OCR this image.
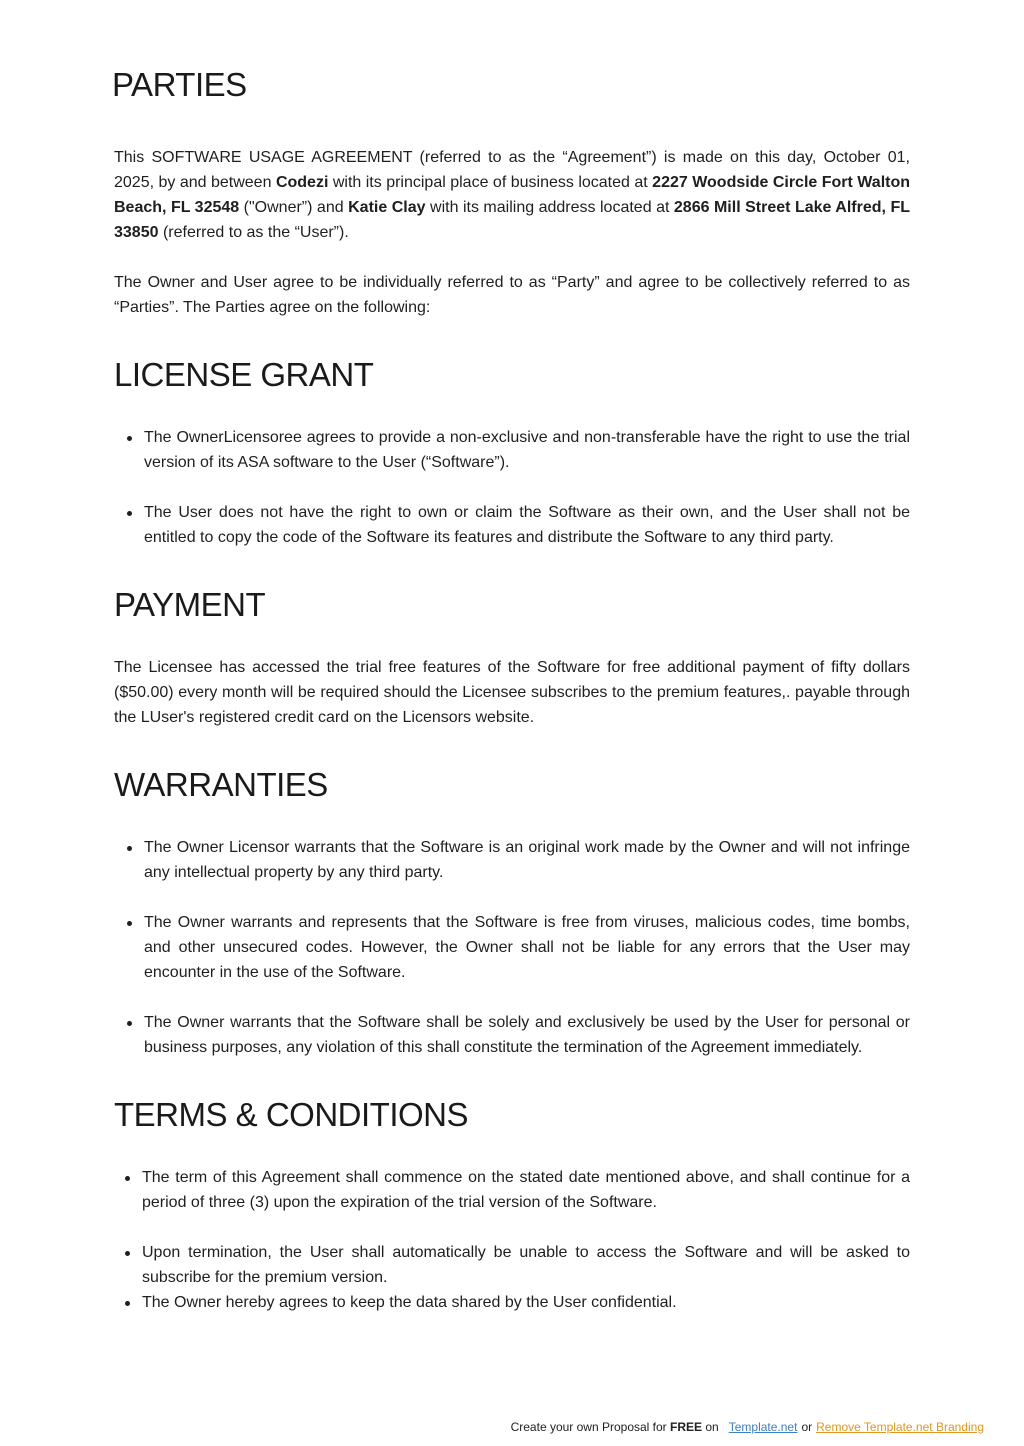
PARTIES

This SOFTWARE USAGE AGREEMENT (referred to as the “Agreement”) is made on this day, October 01, 2025, by and between Codezi with its principal place of business located at 2227 Woodside Circle Fort Walton Beach, FL 32548 ("Owner”) and Katie Clay with its mailing address located at 2866 Mill Street Lake Alfred, FL 33850 (referred to as the “User”).

The Owner and User agree to be individually referred to as “Party” and agree to be collectively referred to as “Parties”. The Parties agree on the following:

LICENSE GRANT
The OwnerLicensoree agrees to provide a non-exclusive and non-transferable have the right to use the trial version of its ASA software to the User (“Software”).
The User does not have the right to own or claim the Software as their own, and the User shall not be entitled to copy the code of the Software its features and distribute the Software to any third party.
PAYMENT

The Licensee has accessed the trial free features of the Software for free additional payment of fifty dollars ($50.00) every month will be required should the Licensee subscribes to the premium features,. payable through the LUser's registered credit card on the Licensors website.

WARRANTIES
The Owner Licensor warrants that the Software is an original work made by the Owner and will not infringe any intellectual property by any third party.
The Owner warrants and represents that the Software is free from viruses, malicious codes, time bombs, and other unsecured codes. However, the Owner shall not be liable for any errors that the User may encounter in the use of the Software.
The Owner warrants that the Software shall be solely and exclusively be used by the User for personal or business purposes, any violation of this shall constitute the termination of the Agreement immediately.
TERMS & CONDITIONS
The term of this Agreement shall commence on the stated date mentioned above, and shall continue for a period of three (3) upon the expiration of the trial version of the Software.
Upon termination, the User shall automatically be unable to access the Software and will be asked to subscribe for the premium version.
The Owner hereby agrees to keep the data shared by the User confidential.
Create your own Proposal for FREE on Template.net or Remove Template.net Branding
